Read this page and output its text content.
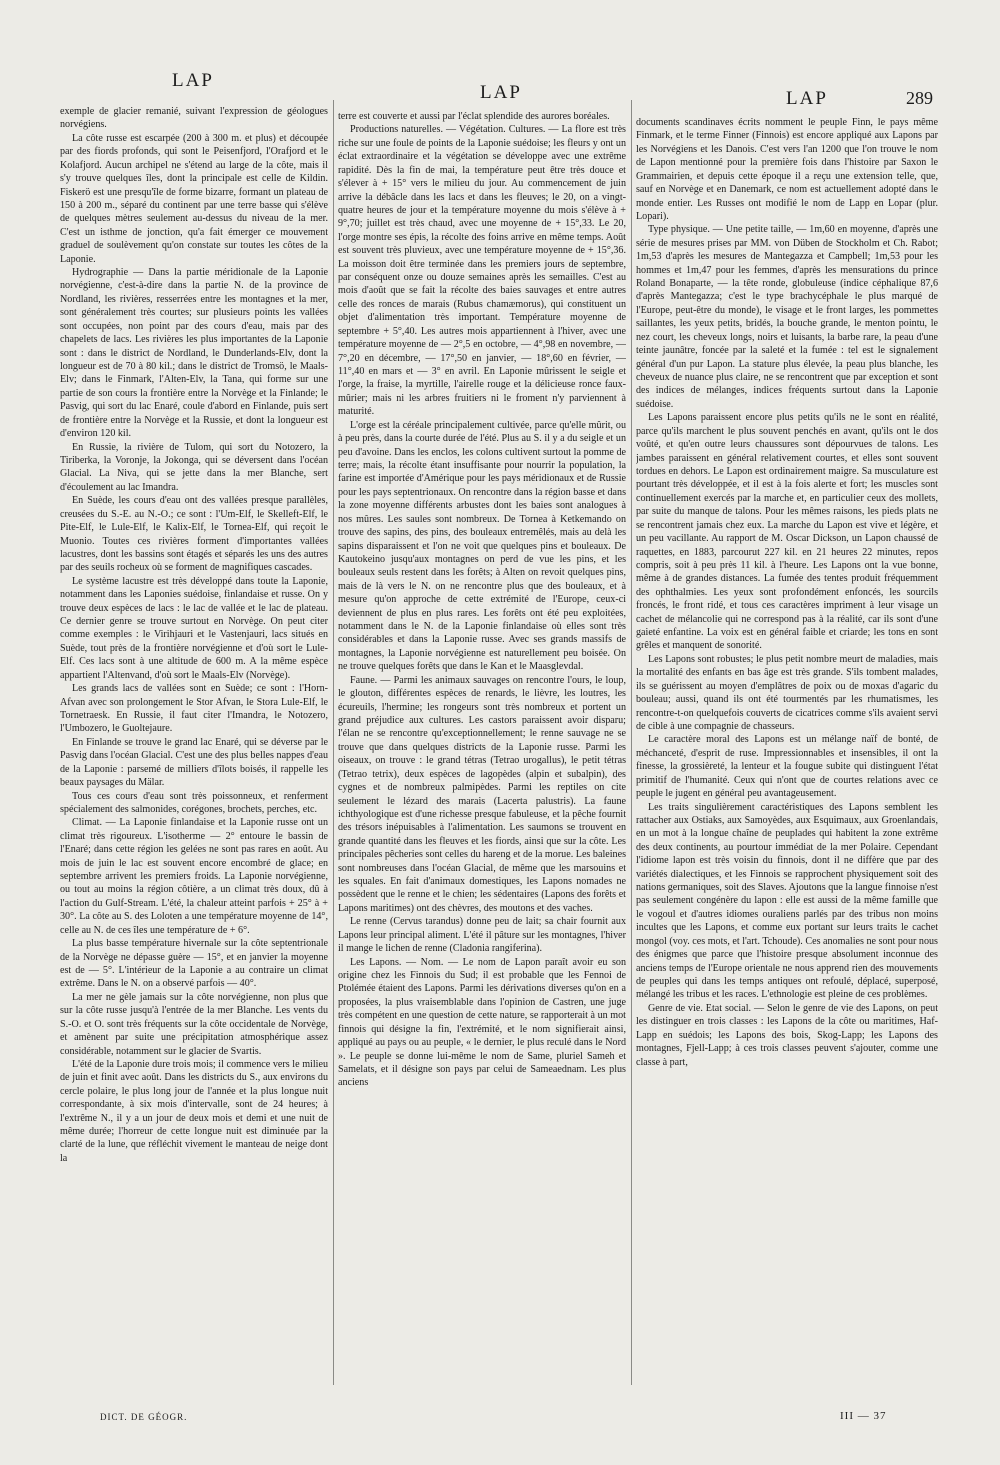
LAP
LAP	LAP	289

exemple de glacier remanié, suivant l'expression de géologues norvégiens.

La côte russe est escarpée (200 à 300 m. et plus) et découpée par des fiords profonds, qui sont le Peisenfjord, l'Orafjord et le Kolafjord. Aucun archipel ne s'étend au large de la côte, mais il s'y trouve quelques îles, dont la principale est celle de Kildin. Fiskerö est une presqu'île de forme bizarre, formant un plateau de 150 à 200 m., séparé du continent par une terre basse qui s'élève de quelques mètres seulement au-dessus du niveau de la mer. C'est un isthme de jonction, qu'a fait émerger ce mouvement graduel de soulèvement qu'on constate sur toutes les côtes de la Laponie.

Hydrographie — Dans la partie méridionale de la Laponie norvégienne, c'est-à-dire dans la partie N. de la province de Nordland, les rivières, resserrées entre les montagnes et la mer, sont généralement très courtes; sur plusieurs points les vallées sont occupées, non point par des cours d'eau, mais par des chapelets de lacs. Les rivières les plus importantes de la Laponie sont : dans le district de Nordland, le Dunderlands-Elv, dont la longueur est de 70 à 80 kil.; dans le district de Tromsö, le Maals-Elv; dans le Finmark, l'Alten-Elv, la Tana, qui forme sur une partie de son cours la frontière entre la Norvège et la Finlande; le Pasvig, qui sort du lac Enaré, coule d'abord en Finlande, puis sert de frontière entre la Norvège et la Russie, et dont la longueur est d'environ 120 kil.

En Russie, la rivière de Tulom, qui sort du Notozero, la Tiriberka, la Voronje, la Jokonga, qui se déversent dans l'océan Glacial. La Niva, qui se jette dans la mer Blanche, sert d'écoulement au lac Imandra.

En Suède, les cours d'eau ont des vallées presque parallèles, creusées du S.-E. au N.-O.; ce sont : l'Um-Elf, le Skelleft-Elf, le Pite-Elf, le Lule-Elf, le Kalix-Elf, le Tornea-Elf, qui reçoit le Muonio. Toutes ces rivières forment d'importantes vallées lacustres, dont les bassins sont étagés et séparés les uns des autres par des seuils rocheux où se forment de magnifiques cascades.

Le système lacustre est très développé dans toute la Laponie, notamment dans les Laponies suédoise, finlandaise et russe. On y trouve deux espèces de lacs : le lac de vallée et le lac de plateau. Ce dernier genre se trouve surtout en Norvège. On peut citer comme exemples : le Virihjauri et le Vastenjauri, lacs situés en Suède, tout près de la frontière norvégienne et d'où sort le Lule-Elf. Ces lacs sont à une altitude de 600 m. A la même espèce appartient l'Altenvand, d'où sort le Maals-Elv (Norvège).

Les grands lacs de vallées sont en Suède; ce sont : l'Horn-Afvan avec son prolongement le Stor Afvan, le Stora Lule-Elf, le Tornetraesk. En Russie, il faut citer l'Imandra, le Notozero, l'Umbozero, le Guoltejaure.

En Finlande se trouve le grand lac Enaré, qui se déverse par le Pasvig dans l'océan Glacial. C'est une des plus belles nappes d'eau de la Laponie : parsemé de milliers d'îlots boisés, il rappelle les beaux paysages du Mälar.

Tous ces cours d'eau sont très poissonneux, et renferment spécialement des salmonides, corégones, brochets, perches, etc.

Climat. — La Laponie finlandaise et la Laponie russe ont un climat très rigoureux. L'isotherme — 2° entoure le bassin de l'Enaré; dans cette région les gelées ne sont pas rares en août. Au mois de juin le lac est souvent encore encombré de glace; en septembre arrivent les premiers froids. La Laponie norvégienne, ou tout au moins la région côtière, a un climat très doux, dû à l'action du Gulf-Stream. L'été, la chaleur atteint parfois + 25° à + 30°. La côte au S. des Loloten a une température moyenne de 14°, celle au N. de ces îles une température de + 6°.

La plus basse température hivernale sur la côte septentrionale de la Norvège ne dépasse guère — 15°, et en janvier la moyenne est de — 5°. L'intérieur de la Laponie a au contraire un climat extrême. Dans le N. on a observé parfois — 40°.

La mer ne gèle jamais sur la côte norvégienne, non plus que sur la côte russe jusqu'à l'entrée de la mer Blanche. Les vents du S.-O. et O. sont très fréquents sur la côte occidentale de Norvège, et amènent par suite une précipitation atmosphérique assez considérable, notamment sur le glacier de Svartis.

L'été de la Laponie dure trois mois; il commence vers le milieu de juin et finit avec août. Dans les districts du S., aux environs du cercle polaire, le plus long jour de l'année et la plus longue nuit correspondante, à six mois d'intervalle, sont de 24 heures; à l'extrême N., il y a un jour de deux mois et demi et une nuit de même durée; l'horreur de cette longue nuit est diminuée par la clarté de la lune, que réfléchit vivement le manteau de neige dont la

terre est couverte et aussi par l'éclat splendide des aurores boréales.

Productions naturelles. — Végétation. Cultures. — La flore est très riche sur une foule de points de la Laponie suédoise; les fleurs y ont un éclat extraordinaire et la végétation se développe avec une extrême rapidité. Dès la fin de mai, la température peut être très douce et s'élever à + 15° vers le milieu du jour. Au commencement de juin arrive la débâcle dans les lacs et dans les fleuves; le 20, on a vingt-quatre heures de jour et la température moyenne du mois s'élève à + 9°,70; juillet est très chaud, avec une moyenne de + 15°,33. Le 20, l'orge montre ses épis, la récolte des foins arrive en même temps. Août est souvent très pluvieux, avec une température moyenne de + 15°,36. La moisson doit être terminée dans les premiers jours de septembre, par conséquent onze ou douze semaines après les semailles. C'est au mois d'août que se fait la récolte des baies sauvages et entre autres celle des ronces de marais (Rubus chamæmorus), qui constituent un objet d'alimentation très important. Température moyenne de septembre + 5°,40. Les autres mois appartiennent à l'hiver, avec une température moyenne de — 2°,5 en octobre, — 4°,98 en novembre, — 7°,20 en décembre, — 17°,50 en janvier, — 18°,60 en février, — 11°,40 en mars et — 3° en avril. En Laponie mûrissent le seigle et l'orge, la fraise, la myrtille, l'airelle rouge et la délicieuse ronce faux-mûrier; mais ni les arbres fruitiers ni le froment n'y parviennent à maturité.

L'orge est la céréale principalement cultivée, parce qu'elle mûrit, ou à peu près, dans la courte durée de l'été. Plus au S. il y a du seigle et un peu d'avoine. Dans les enclos, les colons cultivent surtout la pomme de terre; mais, la récolte étant insuffisante pour nourrir la population, la farine est importée d'Amérique pour les pays méridionaux et de Russie pour les pays septentrionaux. On rencontre dans la région basse et dans la zone moyenne différents arbustes dont les baies sont analogues à nos mûres. Les saules sont nombreux. De Tornea à Ketkemando on trouve des sapins, des pins, des bouleaux entremêlés, mais au delà les sapins disparaissent et l'on ne voit que quelques pins et bouleaux. De Kautokeino jusqu'aux montagnes on perd de vue les pins, et les bouleaux seuls restent dans les forêts; à Alten on revoit quelques pins, mais de là vers le N. on ne rencontre plus que des bouleaux, et à mesure qu'on approche de cette extrémité de l'Europe, ceux-ci deviennent de plus en plus rares. Les forêts ont été peu exploitées, notamment dans le N. de la Laponie finlandaise où elles sont très considérables et dans la Laponie russe. Avec ses grands massifs de montagnes, la Laponie norvégienne est naturellement peu boisée. On ne trouve quelques forêts que dans le Kan et le Maasglevdal.

Faune. — Parmi les animaux sauvages on rencontre l'ours, le loup, le glouton, différentes espèces de renards, le lièvre, les loutres, les écureuils, l'hermine; les rongeurs sont très nombreux et portent un grand préjudice aux cultures. Les castors paraissent avoir disparu; l'élan ne se rencontre qu'exceptionnellement; le renne sauvage ne se trouve que dans quelques districts de la Laponie russe. Parmi les oiseaux, on trouve : le grand tétras (Tetrao urogallus), le petit tétras (Tetrao tetrix), deux espèces de lagopèdes (alpin et subalpin), des cygnes et de nombreux palmipèdes. Parmi les reptiles on cite seulement le lézard des marais (Lacerta palustris). La faune ichthyologique est d'une richesse presque fabuleuse, et la pêche fournit des trésors inépuisables à l'alimentation. Les saumons se trouvent en grande quantité dans les fleuves et les fiords, ainsi que sur la côte. Les principales pêcheries sont celles du hareng et de la morue. Les baleines sont nombreuses dans l'océan Glacial, de même que les marsouins et les squales. En fait d'animaux domestiques, les Lapons nomades ne possèdent que le renne et le chien; les sédentaires (Lapons des forêts et Lapons maritimes) ont des chèvres, des moutons et des vaches.

Le renne (Cervus tarandus) donne peu de lait; sa chair fournit aux Lapons leur principal aliment. L'été il pâture sur les montagnes, l'hiver il mange le lichen de renne (Cladonia rangiferina).

Les Lapons. — Nom. — Le nom de Lapon paraît avoir eu son origine chez les Finnois du Sud; il est probable que les Fennoi de Ptolémée étaient des Lapons. Parmi les dérivations diverses qu'on en a proposées, la plus vraisemblable dans l'opinion de Castren, une juge très compétent en une question de cette nature, se rapporterait à un mot finnois qui désigne la fin, l'extrémité, et le nom signifierait ainsi, appliqué au pays ou au peuple, « le dernier, le plus reculé dans le Nord ». Le peuple se donne lui-même le nom de Same, pluriel Sameh et Samelats, et il désigne son pays par celui de Sameaednam. Les plus anciens

documents scandinaves écrits nomment le peuple Finn, le pays même Finmark, et le terme Finner (Finnois) est encore appliqué aux Lapons par les Norvégiens et les Danois. C'est vers l'an 1200 que l'on trouve le nom de Lapon mentionné pour la première fois dans l'histoire par Saxon le Grammairien, et depuis cette époque il a reçu une extension telle, que, sauf en Norvège et en Danemark, ce nom est actuellement adopté dans le monde entier. Les Russes ont modifié le nom de Lapp en Lopar (plur. Lopari).

Type physique. — Une petite taille, — 1m,60 en moyenne, d'après une série de mesures prises par MM. von Düben de Stockholm et Ch. Rabot; 1m,53 d'après les mesures de Mantegazza et Campbell; 1m,53 pour les hommes et 1m,47 pour les femmes, d'après les mensurations du prince Roland Bonaparte, — la tête ronde, globuleuse (indice céphalique 87,6 d'après Mantegazza; c'est le type brachycéphale le plus marqué de l'Europe, peut-être du monde), le visage et le front larges, les pommettes saillantes, les yeux petits, bridés, la bouche grande, le menton pointu, le nez court, les cheveux longs, noirs et luisants, la barbe rare, la peau d'une teinte jaunâtre, foncée par la saleté et la fumée : tel est le signalement général d'un pur Lapon. La stature plus élevée, la peau plus blanche, les cheveux de nuance plus claire, ne se rencontrent que par exception et sont des indices de mélanges, indices fréquents surtout dans la Laponie suédoise.

Les Lapons paraissent encore plus petits qu'ils ne le sont en réalité, parce qu'ils marchent le plus souvent penchés en avant, qu'ils ont le dos voûté, et qu'en outre leurs chaussures sont dépourvues de talons. Les jambes paraissent en général relativement courtes, et elles sont souvent tordues en dehors. Le Lapon est ordinairement maigre. Sa musculature est pourtant très développée, et il est à la fois alerte et fort; les muscles sont continuellement exercés par la marche et, en particulier ceux des mollets, par suite du manque de talons. Pour les mêmes raisons, les pieds plats ne se rencontrent jamais chez eux. La marche du Lapon est vive et légère, et un peu vacillante. Au rapport de M. Oscar Dickson, un Lapon chaussé de raquettes, en 1883, parcourut 227 kil. en 21 heures 22 minutes, repos compris, soit à peu près 11 kil. à l'heure. Les Lapons ont la vue bonne, même à de grandes distances. La fumée des tentes produit fréquemment des ophthalmies. Les yeux sont profondément enfoncés, les sourcils froncés, le front ridé, et tous ces caractères impriment à leur visage un cachet de mélancolie qui ne correspond pas à la réalité, car ils sont d'une gaieté enfantine. La voix est en général faible et criarde; les tons en sont grêles et manquent de sonorité.

Les Lapons sont robustes; le plus petit nombre meurt de maladies, mais la mortalité des enfants en bas âge est très grande. S'ils tombent malades, ils se guérissent au moyen d'emplâtres de poix ou de moxas d'agaric du bouleau; aussi, quand ils ont été tourmentés par les rhumatismes, les rencontre-t-on quelquefois couverts de cicatrices comme s'ils avaient servi de cible à une compagnie de chasseurs.

Le caractère moral des Lapons est un mélange naïf de bonté, de méchanceté, d'esprit de ruse. Impressionnables et insensibles, il ont la finesse, la grossièreté, la lenteur et la fougue subite qui distinguent l'état primitif de l'humanité. Ceux qui n'ont que de courtes relations avec ce peuple le jugent en général peu avantageusement.

Les traits singulièrement caractéristiques des Lapons semblent les rattacher aux Ostiaks, aux Samoyèdes, aux Esquimaux, aux Groenlandais, en un mot à la longue chaîne de peuplades qui habitent la zone extrême des deux continents, au pourtour immédiat de la mer Polaire. Cependant l'idiome lapon est très voisin du finnois, dont il ne diffère que par des variétés dialectiques, et les Finnois se rapprochent physiquement soit des nations germaniques, soit des Slaves. Ajoutons que la langue finnoise n'est pas seulement congénère du lapon : elle est aussi de la même famille que le vogoul et d'autres idiomes ouraliens parlés par des tribus non moins incultes que les Lapons, et comme eux portant sur leurs traits le cachet mongol (voy. ces mots, et l'art. Tchoude). Ces anomalies ne sont pour nous des énigmes que parce que l'histoire presque absolument inconnue des anciens temps de l'Europe orientale ne nous apprend rien des mouvements de peuples qui dans les temps antiques ont refoulé, déplacé, superposé, mélangé les tribus et les races. L'ethnologie est pleine de ces problèmes.

Genre de vie. Etat social. — Selon le genre de vie des Lapons, on peut les distinguer en trois classes : les Lapons de la côte ou maritimes, Haf-Lapp en suédois; les Lapons des bois, Skog-Lapp; les Lapons des montagnes, Fjell-Lapp; à ces trois classes peuvent s'ajouter, comme une classe à part,

DICT. DE GÉOGR.	III — 37
